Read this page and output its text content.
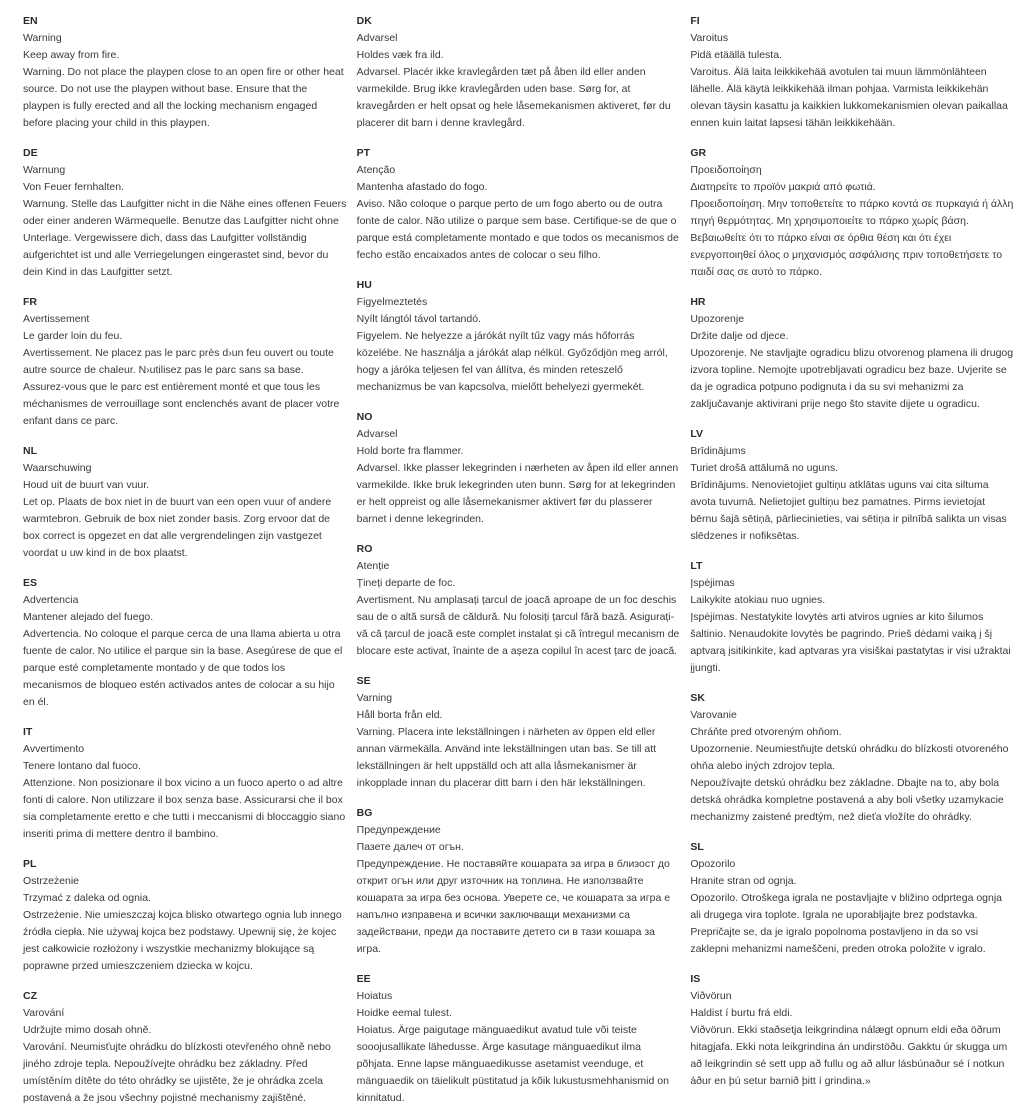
EN
Warning
Keep away from fire.
Warning. Do not place the playpen close to an open fire or other heat source. Do not use the playpen without base. Ensure that the playpen is fully erected and all the locking mechanism engaged before placing your child in this playpen.
DE
Warnung
Von Feuer fernhalten.
Warnung. Stelle das Laufgitter nicht in die Nähe eines offenen Feuers oder einer anderen Wärmequelle. Benutze das Laufgitter nicht ohne Unterlage. Vergewissere dich, dass das Laufgitter vollständig aufgerichtet ist und alle Verriegelungen eingerastet sind, bevor du dein Kind in das Laufgitter setzt.
FR
Avertissement
Le garder loin du feu.
Avertissement. Ne placez pas le parc près d›un feu ouvert ou toute autre source de chaleur. N›utilisez pas le parc sans sa base. Assurez-vous que le parc est entièrement monté et que tous les méchanismes de verrouillage sont enclenchés avant de placer votre enfant dans ce parc.
NL
Waarschuwing
Houd uit de buurt van vuur.
Let op. Plaats de box niet in de buurt van een open vuur of andere warmtebron. Gebruik de box niet zonder basis. Zorg ervoor dat de box correct is opgezet en dat alle vergrendelingen zijn vastgezet voordat u uw kind in de box plaatst.
ES
Advertencia
Mantener alejado del fuego.
Advertencia. No coloque el parque cerca de una llama abierta u otra fuente de calor. No utilice el parque sin la base. Asegúrese de que el parque esté completamente montado y de que todos los mecanismos de bloqueo estén activados antes de colocar a su hijo en él.
IT
Avvertimento
Tenere lontano dal fuoco.
Attenzione. Non posizionare il box vicino a un fuoco aperto o ad altre fonti di calore. Non utilizzare il box senza base. Assicurarsi che il box sia completamente eretto e che tutti i meccanismi di bloccaggio siano inseriti prima di mettere dentro il bambino.
PL
Ostrzeżenie
Trzymać z daleka od ognia.
Ostrzeżenie. Nie umieszczaj kojca blisko otwartego ognia lub innego źródła ciepła. Nie używaj kojca bez podstawy. Upewnij się, że kojec jest całkowicie rozłożony i wszystkie mechanizmy blokujące są poprawne przed umieszczeniem dziecka w kojcu.
CZ
Varování
Udržujte mimo dosah ohně.
Varování. Neumisťujte ohrádku do blízkosti otevřeného ohně nebo jiného zdroje tepla. Nepoužívejte ohrádku bez základny. Před umístěním dítěte do této ohrádky se ujistěte, že je ohrádka zcela postavená a že jsou všechny pojistné mechanismy zajištěné.
DK
Advarsel
Holdes væk fra ild.
Advarsel. Placér ikke kravlegården tæt på åben ild eller anden varmekilde. Brug ikke kravlegården uden base. Sørg for, at kravegården er helt opsat og hele låsemekanismen aktiveret, før du placerer dit barn i denne kravlegård.
PT
Atenção
Mantenha afastado do fogo.
Aviso. Não coloque o parque perto de um fogo aberto ou de outra fonte de calor. Não utilize o parque sem base. Certifique-se de que o parque está completamente montado e que todos os mecanismos de fecho estão encaixados antes de colocar o seu filho.
HU
Figyelmeztetés
Nyílt lángtól távol tartandó.
Figyelem. Ne helyezze a járókát nyílt tűz vagy más hőforrás közelébe. Ne használja a járókát alap nélkül. Győződjön meg arról, hogy a járóka teljesen fel van állítva, és minden reteszelő mechanizmus be van kapcsolva, mielőtt behelyezi gyermekét.
NO
Advarsel
Hold borte fra flammer.
Advarsel. Ikke plasser lekegrinden i nærheten av åpen ild eller annen varmekilde. Ikke bruk lekegrinden uten bunn. Sørg for at lekegrinden er helt oppreist og alle låsemekanismer aktivert før du plasserer barnet i denne lekegrinden.
RO
Atenție
Țineți departe de foc.
Avertisment. Nu amplasați țarcul de joacă aproape de un foc deschis sau de o altă sursă de căldură. Nu folosiți țarcul fără bază. Asigurați-vă că țarcul de joacă este complet instalat și că întregul mecanism de blocare este activat, înainte de a așeza copilul în acest țarc de joacă.
SE
Varning
Håll borta från eld.
Varning. Placera inte lekställningen i närheten av öppen eld eller annan värmekälla. Använd inte lekställningen utan bas. Se till att lekställningen är helt uppställd och att alla låsmekanismer är inkopplade innan du placerar ditt barn i den här lekställningen.
BG
Предупреждение
Пазете далеч от огън.
Предупреждение. Не поставяйте кошарата за игра в близост до открит огън или друг източник на топлина. Не използвайте кошарата за игра без основа. Уверете се, че кошарата за игра е напълно изправена и всички заключващи механизми са задействани, преди да поставите детето си в тази кошара за игра.
EE
Hoiatus
Hoidke eemal tulest.
Hoiatus. Ärge paigutage mänguaedikut avatud tule või teiste sooojusallikate lähedusse. Ärge kasutage mänguaedikut ilma põhjata. Enne lapse mänguaedikusse asetamist veenduge, et mänguaedik on täielikult püstitatud ja kõik lukustusmehhanismid on kinnitatud.
FI
Varoitus
Pidä etäällä tulesta.
Varoitus. Älä laita leikkikehää avotulen tai muun lämmönlähteen lähelle. Älä käytä leikkikehää ilman pohjaa. Varmista leikkikehän olevan täysin kasattu ja kaikkien lukkomekanismien olevan paikallaa ennen kuin laitat lapsesi tähän leikkikehään.
GR
Προειδοποίηση
Διατηρείτε το προϊόν μακριά από φωτιά.
Προειδοποίηση. Μην τοποθετείτε το πάρκο κοντά σε πυρκαγιά ή άλλη πηγή θερμότητας. Μη χρησιμοποιείτε το πάρκο χωρίς βάση. Βεβαιωθείτε ότι το πάρκο είναι σε όρθια θέση και ότι έχει ενεργοποιηθεί όλος ο μηχανισμός ασφάλισης πριν τοποθετήσετε το παιδί σας σε αυτό το πάρκο.
HR
Upozorenje
Držite dalje od djece.
Upozorenje. Ne stavljajte ogradicu blizu otvorenog plamena ili drugog izvora topline. Nemojte upotrebljavati ogradicu bez baze. Uvjerite se da je ogradica potpuno podignuta i da su svi mehanizmi za zaključavanje aktivirani prije nego što stavite dijete u ogradicu.
LV
Brīdinājums
Turiet drošā attālumā no uguns.
Brīdinājums. Nenovietojiet gultiņu atklātas uguns vai cita siltuma avota tuvumā. Nelietojiet gultiņu bez pamatnes. Pirms ievietojat bērnu šajā sētiņā, pārliecinieties, vai sētiņa ir pilnībā salikta un visas slēdzenes ir nofiksētas.
LT
Įspėjimas
Laikykite atokiau nuo ugnies.
Įspėjimas. Nestatykite lovytės arti atviros ugnies ar kito šilumos šaltinio. Nenaudokite lovytės be pagrindo. Prieš dėdami vaiką į šį aptvarą įsitikinkite, kad aptvaras yra visiškai pastatytas ir visi užraktai įjungti.
SK
Varovanie
Chráňte pred otvoreným ohňom.
Upozornenie. Neumiestňujte detskú ohrádku do blízkosti otvoreného ohňa alebo iných zdrojov tepla.
Nepoužívajte detskú ohrádku bez základne. Dbajte na to, aby bola detská ohrádka kompletne postavená a aby boli všetky uzamykacie mechanizmy zaistené predtým, než dieťa vložíte do ohrádky.
SL
Opozorilo
Hranite stran od ognja.
Opozorilo. Otroškega igrala ne postavljajte v bližino odprtega ognja ali drugega vira toplote. Igrala ne uporabljajte brez podstavka. Prepričajte se, da je igralo popolnoma postavljeno in da so vsi zaklepni mehanizmi nameščeni, preden otroka položite v igralo.
IS
Viðvörun
Haldist í burtu frá eldi.
Viðvörun. Ekki staðsetja leikgrindina nálægt opnum eldi eða öðrum hitagjafa. Ekki nota leikgrindina án undirstöðu. Gakktu úr skugga um að leikgrindin sé sett upp að fullu og að allur lásbúnaður sé í notkun áður en þú setur barnið þitt í grindina.»
